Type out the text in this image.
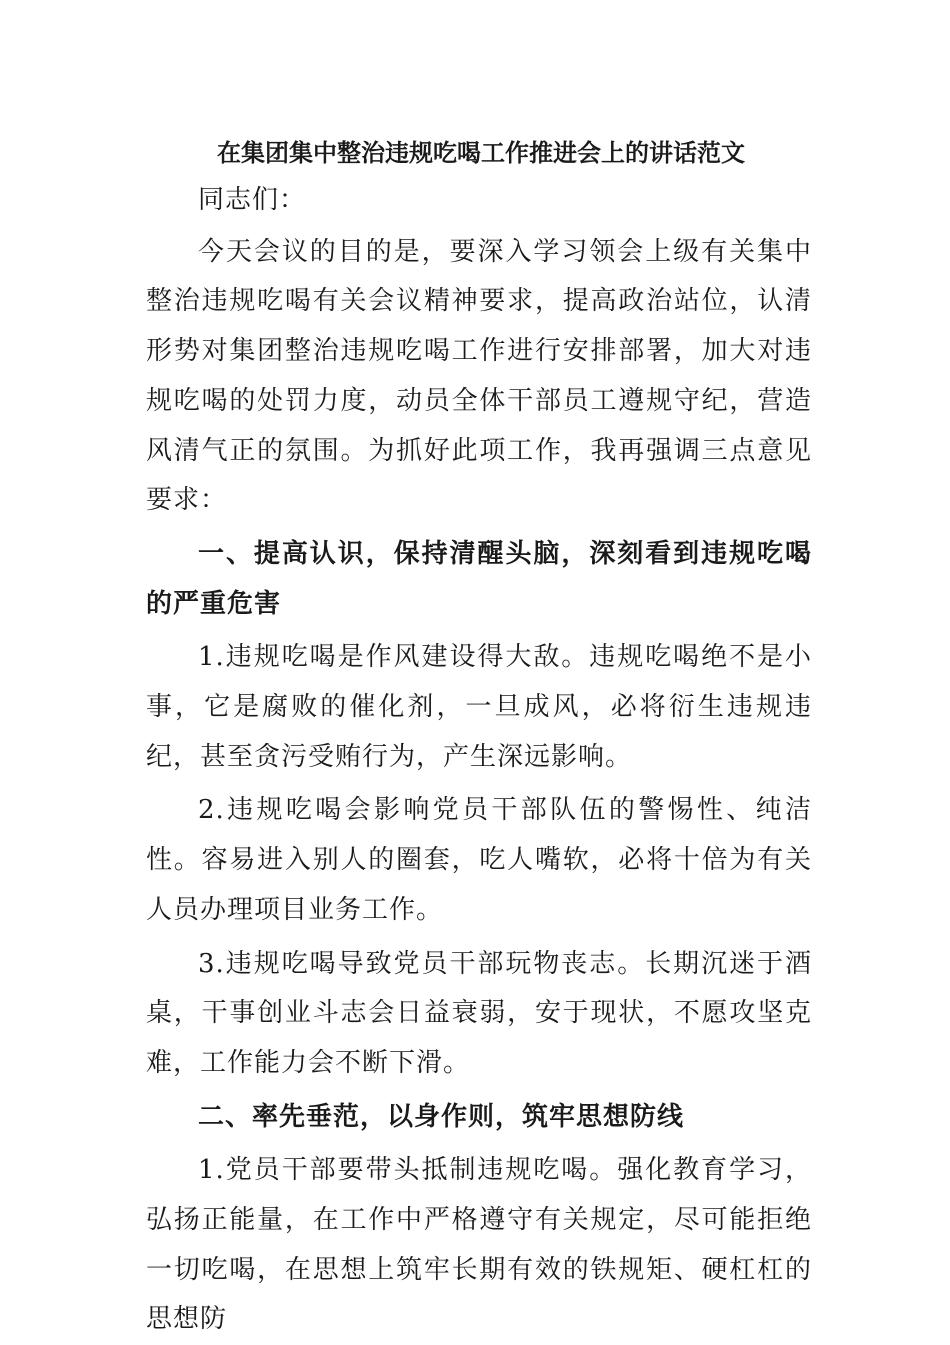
在集团集中整治违规吃喝工作推进会上的讲话范文

同志们：

今天会议的目的是，要深入学习领会上级有关集中整治违规吃喝有关会议精神要求，提高政治站位，认清形势对集团整治违规吃喝工作进行安排部署，加大对违规吃喝的处罚力度，动员全体干部员工遵规守纪，营造风清气正的氛围。为抓好此项工作，我再强调三点意见要求：

一、提高认识，保持清醒头脑，深刻看到违规吃喝的严重危害

1.违规吃喝是作风建设得大敌。违规吃喝绝不是小事，它是腐败的催化剂，一旦成风，必将衍生违规违纪，甚至贪污受贿行为，产生深远影响。

2.违规吃喝会影响党员干部队伍的警惕性、纯洁性。容易进入别人的圈套，吃人嘴软，必将十倍为有关人员办理项目业务工作。

3.违规吃喝导致党员干部玩物丧志。长期沉迷于酒桌，干事创业斗志会日益衰弱，安于现状，不愿攻坚克难，工作能力会不断下滑。

二、率先垂范，以身作则，筑牢思想防线

1.党员干部要带头抵制违规吃喝。强化教育学习，弘扬正能量，在工作中严格遵守有关规定，尽可能拒绝一切吃喝，在思想上筑牢长期有效的铁规矩、硬杠杠的思想防
